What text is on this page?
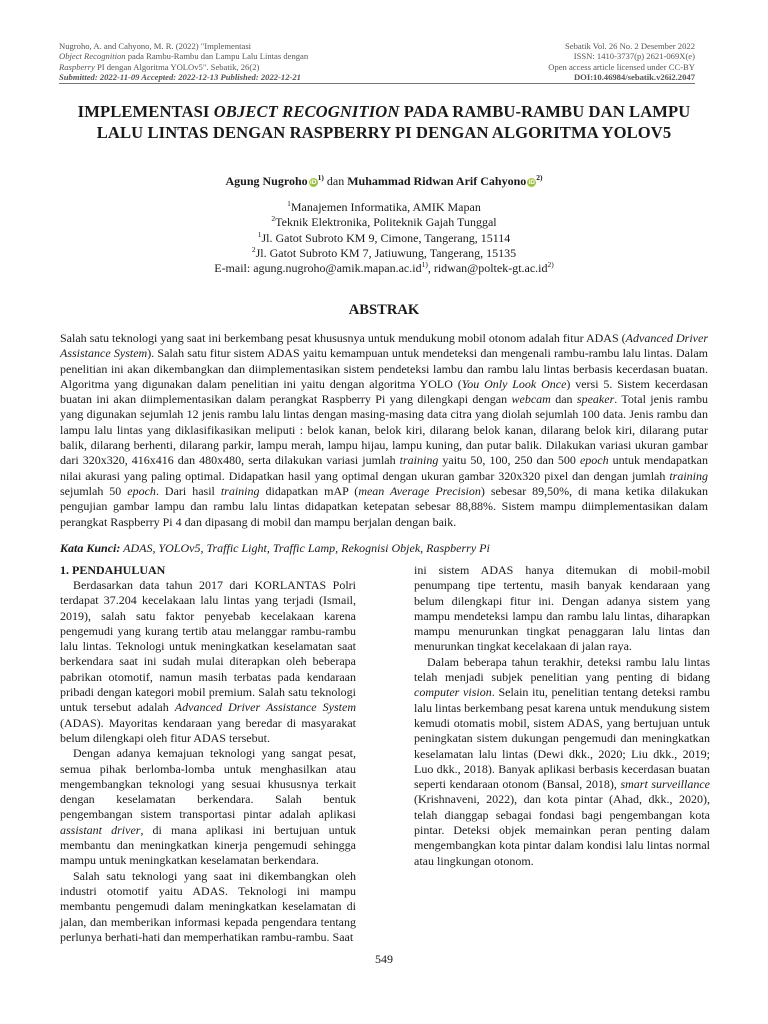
Nugroho, A. and Cahyono, M. R. (2022) "Implementasi
Object Recognition pada Rambu-Rambu dan Lampu Lalu Lintas dengan
Raspberry PI dengan Algoritma YOLOv5". Sebatik, 26(2)
Submitted: 2022-11-09 Accepted: 2022-12-13 Published: 2022-12-21
Sebatik Vol. 26 No. 2 Desember 2022
ISSN: 1410-3737(p) 2621-069X(e)
Open access article licensed under CC-BY
DOI:10.46984/sebatik.v26i2.2047
IMPLEMENTASI OBJECT RECOGNITION PADA RAMBU-RAMBU DAN LAMPU LALU LINTAS DENGAN RASPBERRY PI DENGAN ALGORITMA YOLOV5
Agung Nugroho $iD^{1)}$ dan Muhammad Ridwan Arif Cahyono $iD^{2)}$
$^1$Manajemen Informatika, AMIK Mapan
$^2$Teknik Elektronika, Politeknik Gajah Tunggal
$^1$Jl. Gatot Subroto KM 9, Cimone, Tangerang, 15114
$^2$Jl. Gatot Subroto KM 7, Jatiuwung, Tangerang, 15135
E-mail: $agung.nugroho@amik.mapan.ac.id^{1)}$, $ridwan@poltek-gt.ac.id^{2)}$
ABSTRAK

Salah satu teknologi yang saat ini berkembang pesat khususnya untuk mendukung mobil otonom adalah fitur ADAS (Advanced Driver Assistance System). Salah satu fitur sistem ADAS yaitu kemampuan untuk mendeteksi dan mengenali rambu-rambu lalu lintas. Dalam penelitian ini akan dikembangkan dan diimplementasikan sistem pendeteksi lambu dan rambu lalu lintas berbasis kecerdasan buatan. Algoritma yang digunakan dalam penelitian ini yaitu dengan algoritma YOLO (You Only Look Once) versi 5. Sistem kecerdasan buatan ini akan diimplementasikan dalam perangkat Raspberry Pi yang dilengkapi dengan webcam dan speaker. Total jenis rambu yang digunakan sejumlah 12 jenis rambu lalu lintas dengan masing-masing data citra yang diolah sejumlah 100 data. Jenis rambu dan lampu lalu lintas yang diklasifikasikan meliputi : belok kanan, belok kiri, dilarang belok kanan, dilarang belok kiri, dilarang putar balik, dilarang berhenti, dilarang parkir, lampu merah, lampu hijau, lampu kuning, dan putar balik. Dilakukan variasi ukuran gambar dari 320x320, 416x416 dan 480x480, serta dilakukan variasi jumlah training yaitu 50, 100, 250 dan 500 epoch untuk mendapatkan nilai akurasi yang paling optimal. Didapatkan hasil yang optimal dengan ukuran gambar 320x320 pixel dan dengan jumlah training sejumlah 50 epoch. Dari hasil training didapatkan mAP (mean Average Precision) sebesar 89,50%, di mana ketika dilakukan pengujian gambar lampu dan rambu lalu lintas didapatkan ketepatan sebesar 88,88%. Sistem mampu diimplementasikan dalam perangkat Raspberry Pi 4 dan dipasang di mobil dan mampu berjalan dengan baik.

Kata Kunci: ADAS, YOLOv5, Traffic Light, Traffic Lamp, Rekognisi Objek, Raspberry Pi
1. PENDAHULUAN

Berdasarkan data tahun 2017 dari KORLANTAS Polri terdapat 37.204 kecelakaan lalu lintas yang terjadi (Ismail, 2019), salah satu faktor penyebab kecelakaan karena pengemudi yang kurang tertib atau melanggar rambu-rambu lalu lintas. Teknologi untuk meningkatkan keselamatan saat berkendara saat ini sudah mulai diterapkan oleh beberapa pabrikan otomotif, namun masih terbatas pada kendaraan pribadi dengan kategori mobil premium. Salah satu teknologi untuk tersebut adalah Advanced Driver Assistance System (ADAS). Mayoritas kendaraan yang beredar di masyarakat belum dilengkapi oleh fitur ADAS tersebut.

Dengan adanya kemajuan teknologi yang sangat pesat, semua pihak berlomba-lomba untuk menghasilkan atau mengembangkan teknologi yang sesuai khususnya terkait dengan keselamatan berkendara. Salah bentuk pengembangan sistem transportasi pintar adalah aplikasi assistant driver, di mana aplikasi ini bertujuan untuk membantu dan meningkatkan kinerja pengemudi sehingga mampu untuk meningkatkan keselamatan berkendara.

Salah satu teknologi yang saat ini dikembangkan oleh industri otomotif yaitu ADAS. Teknologi ini mampu membantu pengemudi dalam meningkatkan keselamatan di jalan, dan memberikan informasi kepada pengendara tentang perlunya berhati-hati dan memperhatikan rambu-rambu. Saat

ini sistem ADAS hanya ditemukan di mobil-mobil penumpang tipe tertentu, masih banyak kendaraan yang belum dilengkapi fitur ini. Dengan adanya sistem yang mampu mendeteksi lampu dan rambu lalu lintas, diharapkan mampu menurunkan tingkat penaggaran lalu lintas dan menurunkan tingkat kecelakaan di jalan raya.

Dalam beberapa tahun terakhir, deteksi rambu lalu lintas telah menjadi subjek penelitian yang penting di bidang computer vision. Selain itu, penelitian tentang deteksi rambu lalu lintas berkembang pesat karena untuk mendukung sistem kemudi otomatis mobil, sistem ADAS, yang bertujuan untuk peningkatan sistem dukungan pengemudi dan meningkatkan keselamatan lalu lintas (Dewi dkk., 2020; Liu dkk., 2019; Luo dkk., 2018). Banyak aplikasi berbasis kecerdasan buatan seperti kendaraan otonom (Bansal, 2018), smart surveillance (Krishnaveni, 2022), dan kota pintar (Ahad, dkk., 2020), telah dianggap sebagai fondasi bagi pengembangan kota pintar. Deteksi objek memainkan peran penting dalam mengembangkan kota pintar dalam kondisi lalu lintas normal atau lingkungan otonom.

549
